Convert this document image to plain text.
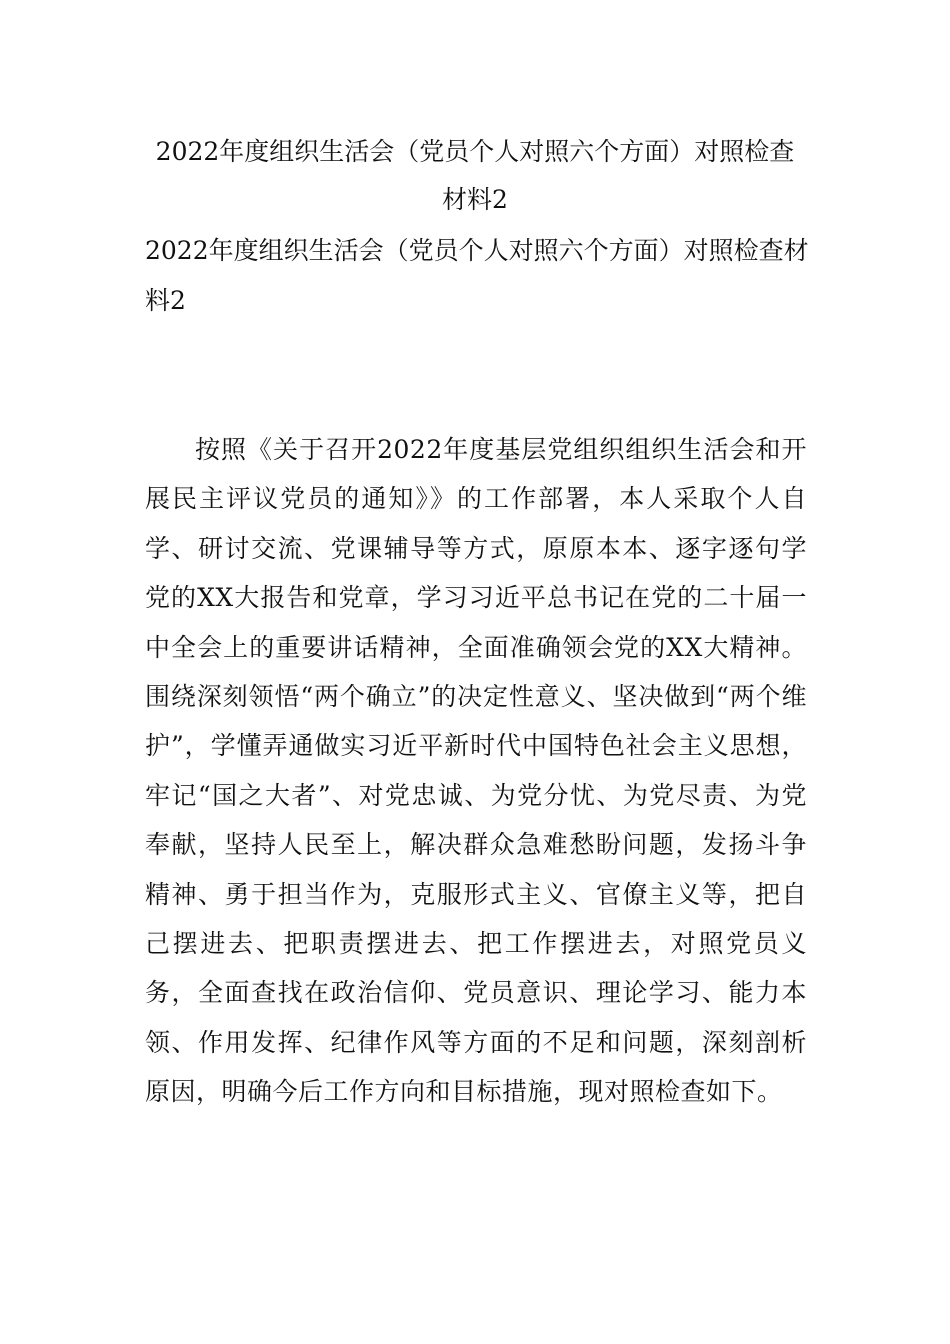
2022年度组织生活会（党员个人对照六个方面）对照检查材料2
2022年度组织生活会（党员个人对照六个方面）对照检查材料2

按照《关于召开2022年度基层党组织组织生活会和开展民主评议党员的通知》》的工作部署，本人采取个人自学、研讨交流、党课辅导等方式，原原本本、逐字逐句学党的XX大报告和党章，学习习近平总书记在党的二十届一中全会上的重要讲话精神，全面准确领会党的XX大精神。围绕深刻领悟“两个确立”的决定性意义、坚决做到“两个维护”，学懂弄通做实习近平新时代中国特色社会主义思想，牢记“国之大者”、对党忠诚、为党分忧、为党尽责、为党奉献，坚持人民至上，解决群众急难愁盼问题，发扬斗争精神、勇于担当作为，克服形式主义、官僚主义等，把自己摆进去、把职责摆进去、把工作摆进去，对照党员义务，全面查找在政治信仰、党员意识、理论学习、能力本领、作用发挥、纪律作风等方面的不足和问题，深刻剖析原因，明确今后工作方向和目标措施，现对照检查如下。
